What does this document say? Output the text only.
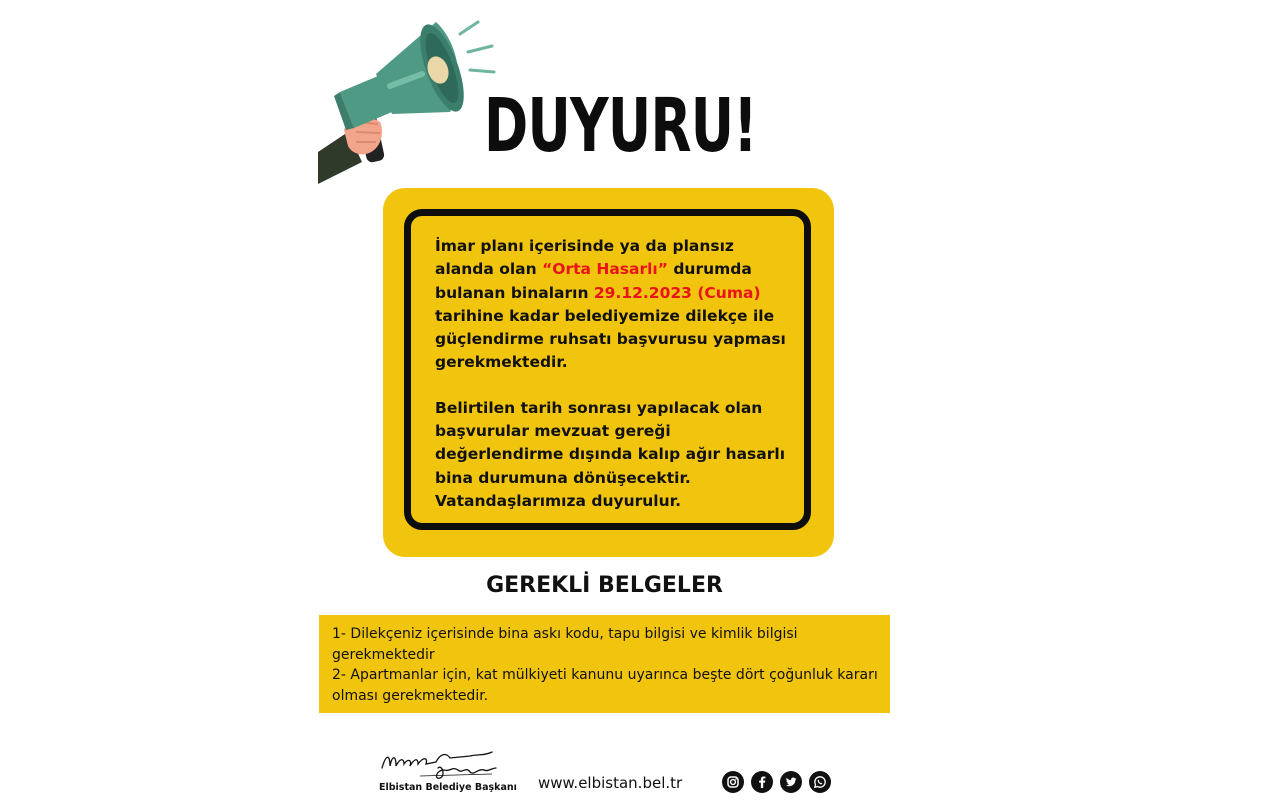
DUYURU!

İmar planı içerisinde ya da plansız alanda olan “Orta Hasarlı” durumda bulanan binaların 29.12.2023 (Cuma) tarihine kadar belediyemize dilekçe ile güçlendirme ruhsatı başvurusu yapması gerekmektedir.

Belirtilen tarih sonrası yapılacak olan başvurular mevzuat gereği değerlendirme dışında kalıp ağır hasarlı bina durumuna dönüşecektir. Vatandaşlarımıza duyurulur.

GEREKLİ BELGELER
1- Dilekçeniz içerisinde bina askı kodu, tapu bilgisi ve kimlik bilgisi gerekmektedir
2- Apartmanlar için, kat mülkiyeti kanunu uyarınca beşte dört çoğunluk kararı olması gerekmektedir.
Elbistan Belediye Başkanı www.elbistan.bel.tr
